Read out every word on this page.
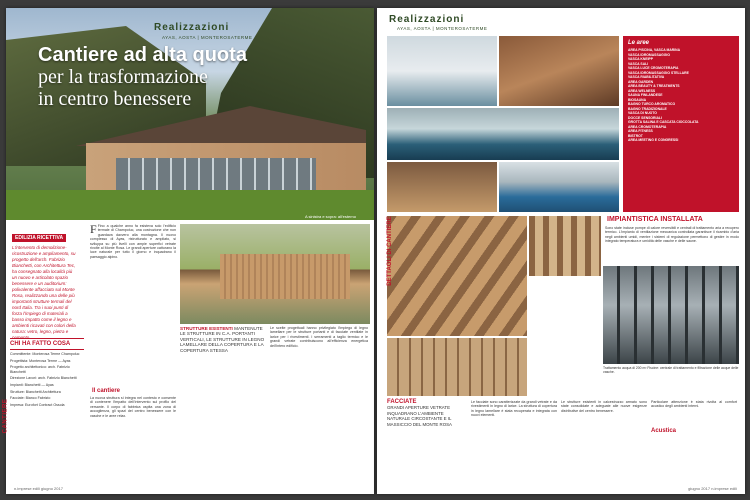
Realizzazioni
AYAS, AOSTA | MONTEROSATERME
Cantiere ad alta quota
per la trasformazione
in centro benessere
A sinistra e sopra: all'esterno
EDILIZIA RICETTIVA
L'intervento di demolizione-ricostruzione e ampliamento, su progetto dell'arch. Fabrizio Bianchetti, con Architettura Tec, ha consegnato alla località più un nuovo e articolato spazio benessere e un auditorium: polivalente affacciato sul Monte Rosa, realizzando una delle più importanti strutture termali del nord Italia. Tra i suoi punti di forza l'impiego di materiali a basso impatto come il legno e ambienti ricavati con colori della natura: vetro, legno, pietra e cemento.
CHI HA FATTO COSA

Committente: Monterosa Terme Champoluc

Progettista: Monterosa Terme — Ayas

Progetto architettonico: arch. Fabrizio Bianchetti

Direzione Lavori: arch. Fabrizio Bianchetti

Impianti: Bianchetti — Ayas

Strutture: Bianchetti Architettura

Facciate: Bianco Fabrizio

Impresa: Eurofort Contract Ossola

F Fino a qualche anno fa esisteva solo l'edificio termale di Champoluc, una costruzione che non guardava davvero alla montagna. Il nuovo complesso di Ayas, ristrutturato e ampliato, si sviluppa su più livelli con ampie superfici vetrate rivolte al Monte Rosa. Le grandi aperture catturano la luce naturale per tutto il giorno e inquadrano il paesaggio alpino.
STRUTTURE ESISTENTI MANTENUTE LE STRUTTURE IN C.A. PORTANTI VERTICALI, LE STRUTTURE IN LEGNO LAMELLARE DELLA COPERTURA E LA COPERTURA STESSA
Le scelte progettuali hanno privilegiato l'impiego di legno lamellare per le strutture portanti e di facciate ventilate in larice per i rivestimenti. I serramenti a taglio termico e le grandi vetrate contribuiscono all'efficienza energetica dell'intero edificio.
Il cantiere
La nuova struttura si integra nel contesto e consente di contenere l'impatto dell'intervento sul profilo del versante. Il corpo di fabbrica ospita una zona di accoglienza, gli spazi del centro benessere con le vasche e le aree relax.
CANTIERE
n.imprese edili giugno 2017
Realizzazioni
AYAS, AOSTA | MONTEROSATERME
Le aree
AREA PISCINA, VASCA MARINA
VASCA IDROMASSAGGIO
VASCA KNEIPP
VASCA SALI
VASCA LUCE CROMOTERAPIA
VASCA IDROMASSAGGIO STELLARE
VASCA RIABILITATIVA
AREA GARDEN
AREA BEAUTY & TREATMENTS
AREA WELNESS
SAUNA FINLANDESE
BIOSAUNA
BAGNO TURCO AROMATICO
BAGNO TRADIZIONALE
VASCA DI NUOTO
DOCCE SENSORIALI
GROTTA SALINA E CASCATA CIOCCOLATA
AREA CROMOTERAPIA
AREA FITNESS
BISTROT
AREA MEETING E CONGRESSI
IMPIANTISTICA INSTALLATA
Sono state incluse pompe di calore reversibili e centrali di trattamento aria a recupero termico. L'impianto di ventilazione meccanica controllata garantisce il ricambio d'aria negli ambienti umidi, mentre i sistemi di regolazione permettono di gestire in modo integrato temperatura e umidità delle vasche e delle saune.
Trattamento acqua di 200 m³ Fiscine: centrale di trattamento e filtrazione delle acque delle vasche.
DETTAGLI DI CANTIERE
FACCIATE
GRANDI APERTURE VETRATE INQUADRANO L'AMBIENTE NATURALE CIRCOSTANTE E IL MASSICCIO DEL MONTE ROSA
Le facciate sono caratterizzate da grandi vetrate e da rivestimenti in legno di larice. La struttura di copertura in legno lamellare è stata recuperata e integrata con nuovi elementi.
Le strutture esistenti in calcestruzzo armato sono state consolidate e adeguate alle nuove esigenze distributive del centro benessere.
Particolare attenzione è stata rivolta al comfort acustico degli ambienti interni.
Acustica
giugno 2017 n.imprese edili
